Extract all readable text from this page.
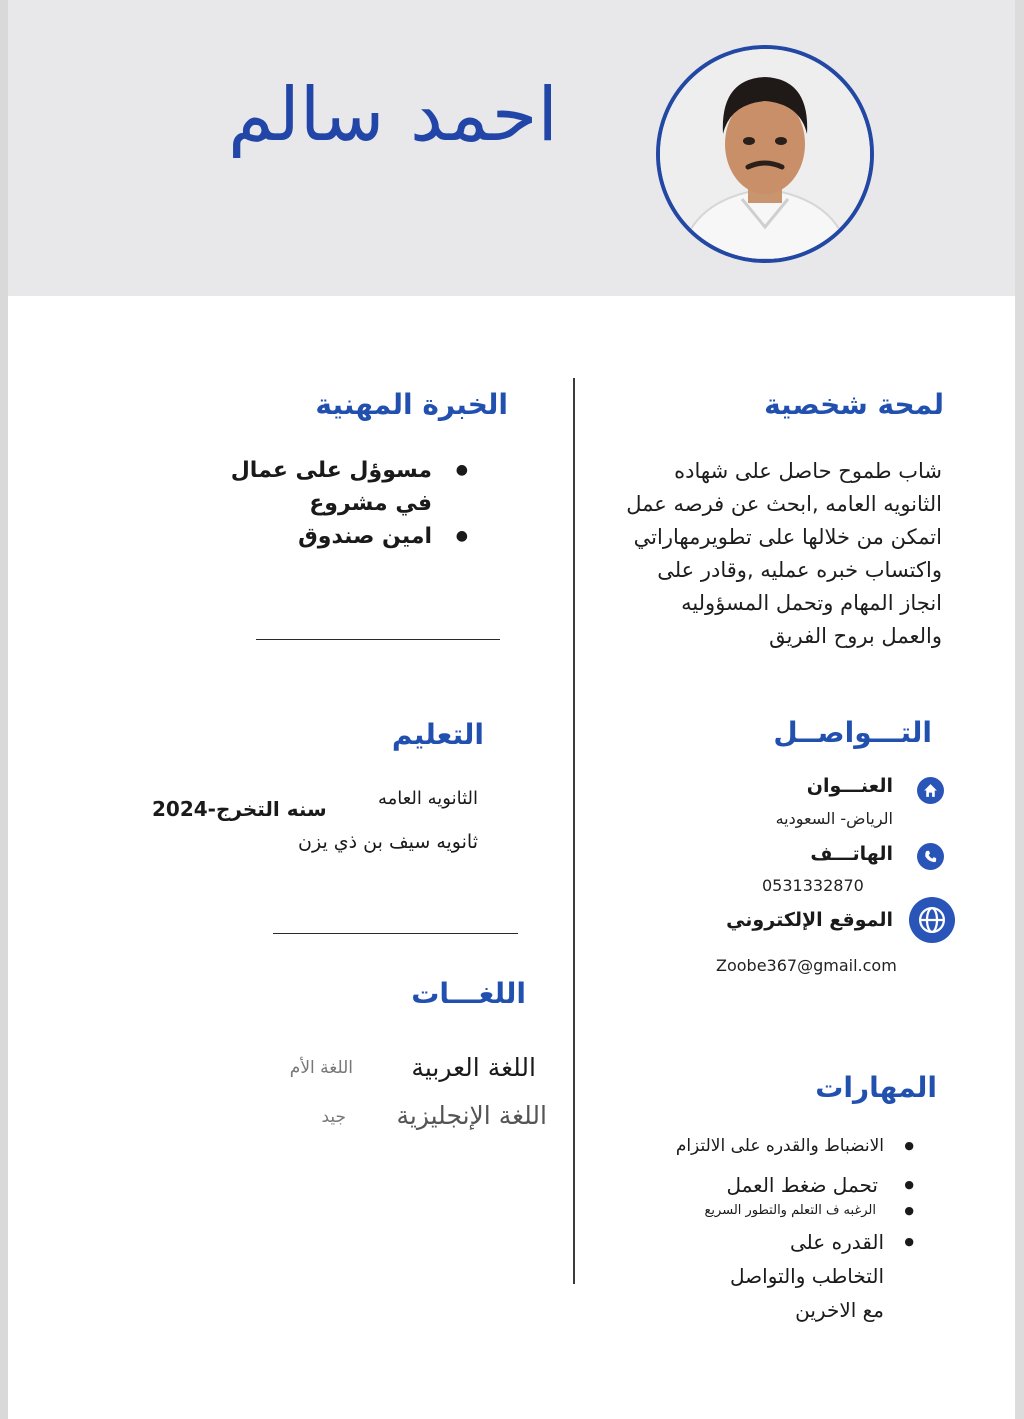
احمد
سالم
لمحة شخصية
شاب طموح حاصل على شهاده الثانويه العامه ,ابحث عن فرصه عمل اتمكن من خلالها على تطويرمهاراتي واكتساب خبره عمليه ,وقادر على انجاز المهام وتحمل المسؤوليه والعمل بروح الفريق
الخبرة المهنية
● مسوؤل على عمال في مشروع
● امين صندوق
التـــواصــل
العنـــوان
الرياض- السعوديه
الهاتـــف
0531332870
الموقع الإلكتروني
Zoobe367@gmail.com
التعليم
الثانويه العامه
سنه التخرج-2024
ثانويه سيف بن ذي يزن
اللغـــات
اللغة العربية
اللغة الأم
اللغة الإنجليزية
جيد
المهارات
● الانضباط والقدره على الالتزام
● تحمل ضغط العمل
● الرغبه ف التعلم والتطور السريع
● القدره على التخاطب والتواصل مع الاخرين
